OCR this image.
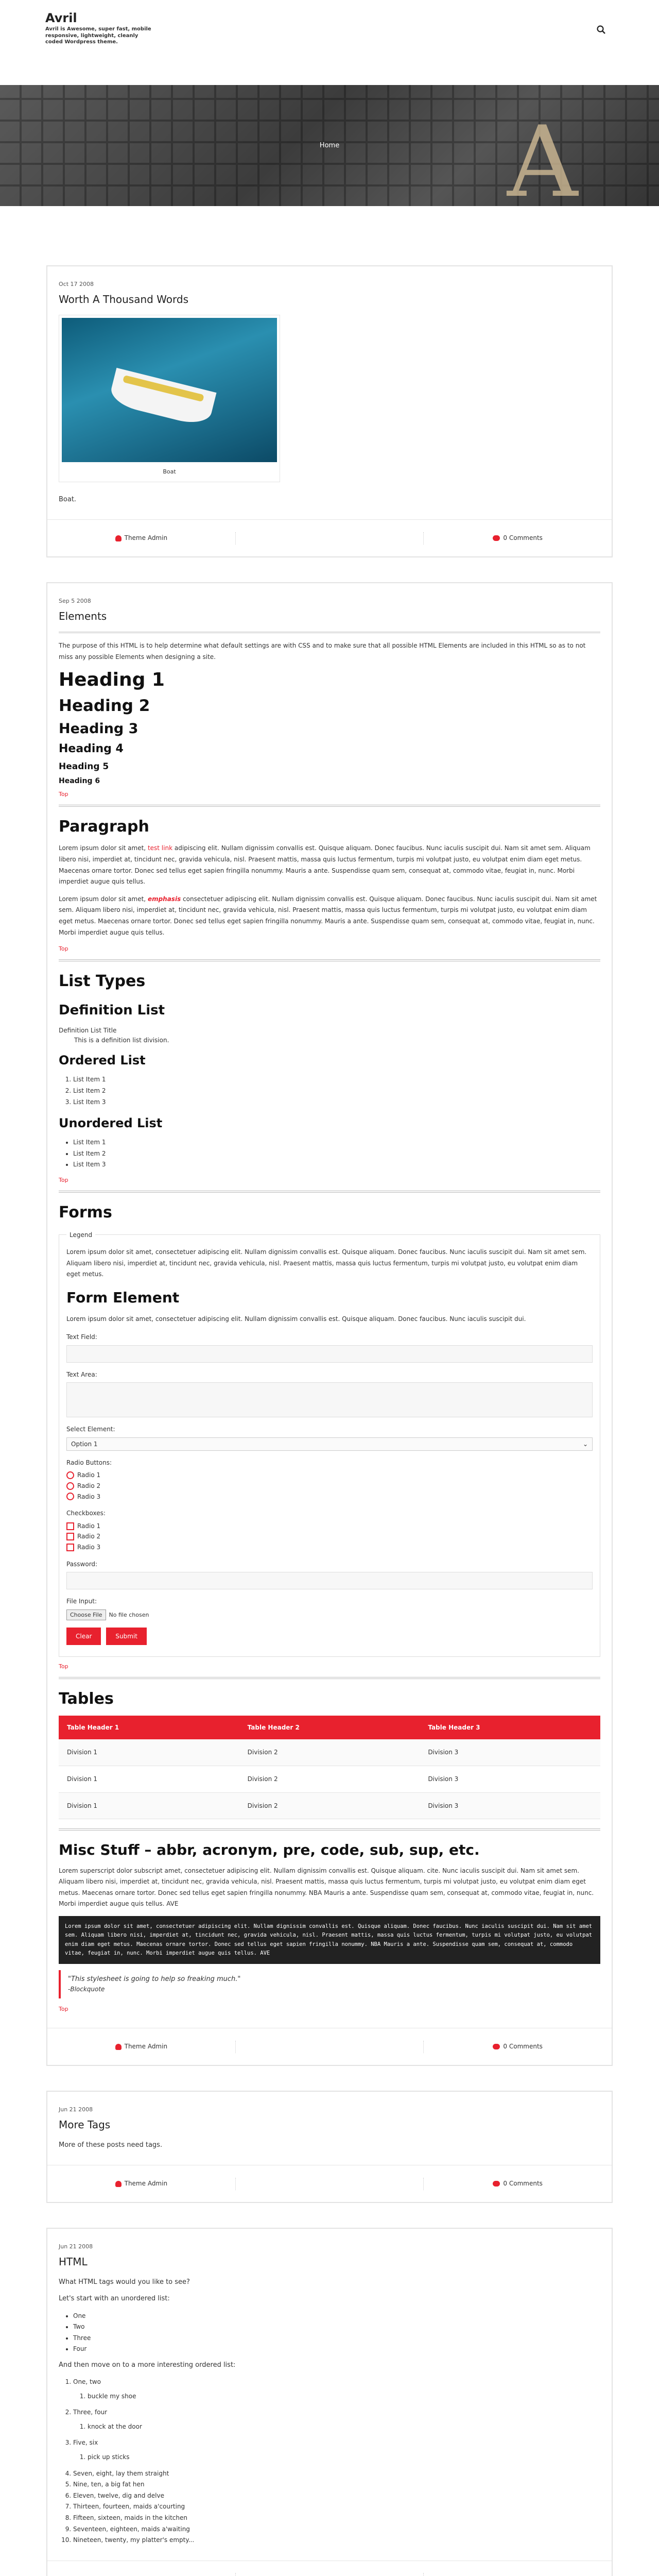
Avril

Avril is Awesome, super fast, mobile responsive, lightweight, cleanly coded Wordpress theme.

A
Home
Oct 17 2008
Worth A Thousand Words
Boat

Boat.

Theme Admin	0 Comments
Sep 5 2008
Elements

The purpose of this HTML is to help determine what default settings are with CSS and to make sure that all possible HTML Elements are included in this HTML so as to not miss any possible Elements when designing a site.

Heading 1
Heading 2
Heading 3
Heading 4
Heading 5
Heading 6
Top
Paragraph

Lorem ipsum dolor sit amet, test link adipiscing elit. Nullam dignissim convallis est. Quisque aliquam. Donec faucibus. Nunc iaculis suscipit dui. Nam sit amet sem. Aliquam libero nisi, imperdiet at, tincidunt nec, gravida vehicula, nisl. Praesent mattis, massa quis luctus fermentum, turpis mi volutpat justo, eu volutpat enim diam eget metus. Maecenas ornare tortor. Donec sed tellus eget sapien fringilla nonummy. Mauris a ante. Suspendisse quam sem, consequat at, commodo vitae, feugiat in, nunc. Morbi imperdiet augue quis tellus.

Lorem ipsum dolor sit amet, emphasis consectetuer adipiscing elit. Nullam dignissim convallis est. Quisque aliquam. Donec faucibus. Nunc iaculis suscipit dui. Nam sit amet sem. Aliquam libero nisi, imperdiet at, tincidunt nec, gravida vehicula, nisl. Praesent mattis, massa quis luctus fermentum, turpis mi volutpat justo, eu volutpat enim diam eget metus. Maecenas ornare tortor. Donec sed tellus eget sapien fringilla nonummy. Mauris a ante. Suspendisse quam sem, consequat at, commodo vitae, feugiat in, nunc. Morbi imperdiet augue quis tellus.

Top
List Types
Definition List
Definition List Title
This is a definition list division.
Ordered List
1. List Item 1
2. List Item 2
3. List Item 3
Unordered List
• List Item 1
• List Item 2
• List Item 3
Top
Forms
Legend

Lorem ipsum dolor sit amet, consectetuer adipiscing elit. Nullam dignissim convallis est. Quisque aliquam. Donec faucibus. Nunc iaculis suscipit dui. Nam sit amet sem. Aliquam libero nisi, imperdiet at, tincidunt nec, gravida vehicula, nisl. Praesent mattis, massa quis luctus fermentum, turpis mi volutpat justo, eu volutpat enim diam eget metus.

Form Element

Lorem ipsum dolor sit amet, consectetuer adipiscing elit. Nullam dignissim convallis est. Quisque aliquam. Donec faucibus. Nunc iaculis suscipit dui.

Text Field:
Text Area:
Select Element:
Option 1	⌄
Radio Buttons:
Radio 1
Radio 2
Radio 3
Checkboxes:
Radio 1
Radio 2
Radio 3
Password:
File Input:
Choose File	No file chosen
Clear	Submit
Top
Tables
Table Header 1	Table Header 2	Table Header 3
Division 1	Division 2	Division 3
Division 1	Division 2	Division 3
Division 1	Division 2	Division 3
Misc Stuff – abbr, acronym, pre, code, sub, sup, etc.

Lorem superscript dolor subscript amet, consectetuer adipiscing elit. Nullam dignissim convallis est. Quisque aliquam. cite. Nunc iaculis suscipit dui. Nam sit amet sem. Aliquam libero nisi, imperdiet at, tincidunt nec, gravida vehicula, nisl. Praesent mattis, massa quis luctus fermentum, turpis mi volutpat justo, eu volutpat enim diam eget metus. Maecenas ornare tortor. Donec sed tellus eget sapien fringilla nonummy. NBA Mauris a ante. Suspendisse quam sem, consequat at, commodo vitae, feugiat in, nunc. Morbi imperdiet augue quis tellus. AVE

Lorem ipsum dolor sit amet, consectetuer adipiscing elit. Nullam dignissim convallis est. Quisque aliquam. Donec faucibus. Nunc iaculis suscipit dui. Nam sit amet sem. Aliquam libero nisi, imperdiet at, tincidunt nec, gravida vehicula, nisl. Praesent mattis, massa quis luctus fermentum, turpis mi volutpat justo, eu volutpat enim diam eget metus. Maecenas ornare tortor. Donec sed tellus eget sapien fringilla nonummy. NBA Mauris a ante. Suspendisse quam sem, consequat at, commodo vitae, feugiat in, nunc. Morbi imperdiet augue quis tellus. AVE
"This stylesheet is going to help so freaking much."
-Blockquote
Top
Theme Admin	0 Comments
Jun 21 2008
More Tags

More of these posts need tags.

Theme Admin	0 Comments
Jun 21 2008
HTML

What HTML tags would you like to see?

Let's start with an unordered list:

• One
• Two
• Three
• Four

And then move on to a more interesting ordered list:

1. One, two
1. buckle my shoe
2. Three, four
1. knock at the door
3. Five, six
1. pick up sticks
4. Seven, eight, lay them straight
5. Nine, ten, a big fat hen
6. Eleven, twelve, dig and delve
7. Thirteen, fourteen, maids a'courting
8. Fifteen, sixteen, maids in the kitchen
9. Seventeen, eighteen, maids a'waiting
10. Nineteen, twenty, my platter's empty...
